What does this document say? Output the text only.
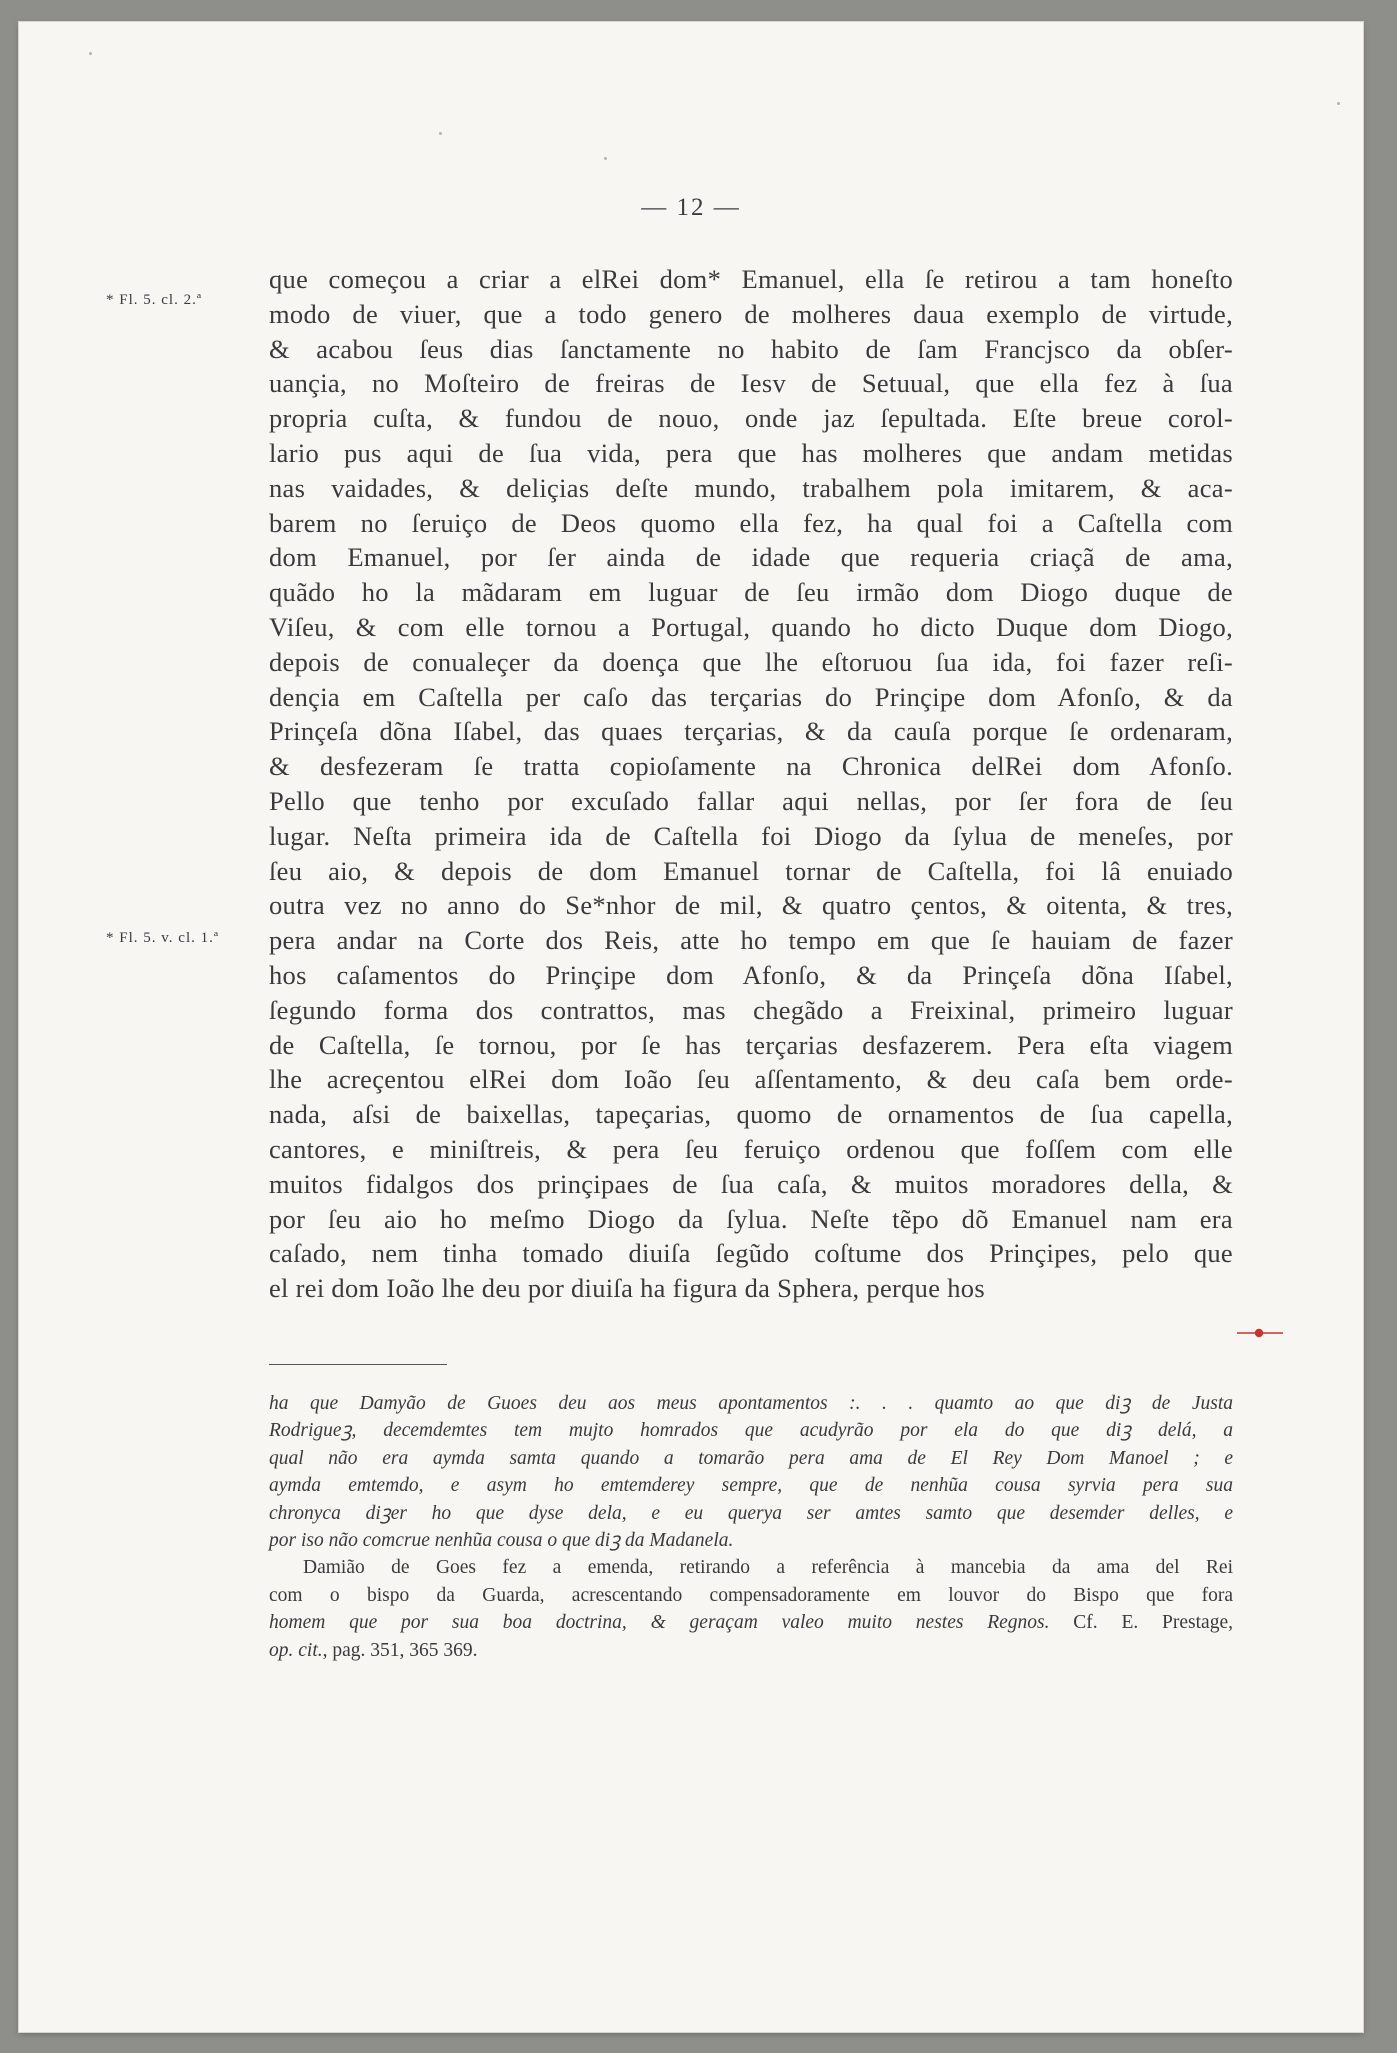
— 12 —
* Fl. 5. cl. 2.ª
* Fl. 5. v. cl. 1.ª
que começou a criar a elRei dom* Emanuel, ella ſe retirou a tam honeſto
modo de viuer, que a todo genero de molheres daua exemplo de virtude,
& acabou ſeus dias ſanctamente no habito de ſam Francjsco da obſer-
uançia, no Moſteiro de freiras de Iesv de Setuual, que ella fez à ſua
propria cuſta, & fundou de nouo, onde jaz ſepultada. Eſte breue corol-
lario pus aqui de ſua vida, pera que has molheres que andam metidas
nas vaidades, & deliçias deſte mundo, trabalhem pola imitarem, & aca-
barem no ſeruiço de Deos quomo ella fez, ha qual foi a Caſtella com
dom Emanuel, por ſer ainda de idade que requeria criaçã de ama,
quãdo ho la mãdaram em luguar de ſeu irmão dom Diogo duque de
Viſeu, & com elle tornou a Portugal, quando ho dicto Duque dom Diogo,
depois de conualeçer da doença que lhe eſtoruou ſua ida, foi fazer reſi-
dençia em Caſtella per caſo das terçarias do Prinçipe dom Afonſo, & da
Prinçeſa dõna Iſabel, das quaes terçarias, & da cauſa porque ſe ordenaram,
& desfezeram ſe tratta copioſamente na Chronica delRei dom Afonſo.
Pello que tenho por excuſado fallar aqui nellas, por ſer fora de ſeu
lugar. Neſta primeira ida de Caſtella foi Diogo da ſylua de meneſes, por
ſeu aio, & depois de dom Emanuel tornar de Caſtella, foi lâ enuiado
outra vez no anno do Se*nhor de mil, & quatro çentos, & oitenta, & tres,
pera andar na Corte dos Reis, atte ho tempo em que ſe hauiam de fazer
hos caſamentos do Prinçipe dom Afonſo, & da Prinçeſa dõna Iſabel,
ſegundo forma dos contrattos, mas chegãdo a Freixinal, primeiro luguar
de Caſtella, ſe tornou, por ſe has terçarias desfazerem. Pera eſta viagem
lhe acreçentou elRei dom Ioão ſeu aſſentamento, & deu caſa bem orde-
nada, aſsi de baixellas, tapeçarias, quomo de ornamentos de ſua capella,
cantores, e miniſtreis, & pera ſeu feruiço ordenou que foſſem com elle
muitos fidalgos dos prinçipaes de ſua caſa, & muitos moradores della, &
por ſeu aio ho meſmo Diogo da ſylua. Neſte tẽpo dõ Emanuel nam era
caſado, nem tinha tomado diuiſa ſegũdo coſtume dos Prinçipes, pelo que
el rei dom Ioão lhe deu por diuiſa ha figura da Sphera, perque hos
ha que Damyão de Guoes deu aos meus apontamentos :. . . quamto ao que diꝫ de Justa
Rodrigueꝫ, decemdemtes tem mujto homrados que acudyrão por ela do que diꝫ delá, a
qual não era aymda samta quando a tomarão pera ama de El Rey Dom Manoel ; e
aymda emtemdo, e asym ho emtemderey sempre, que de nenhũa cousa syrvia pera sua
chronyca diꝫer ho que dyse dela, e eu querya ser amtes samto que desemder delles, e
por iso não comcrue nenhũa cousa o que diꝫ da Madanela.
Damião de Goes fez a emenda, retirando a referência à mancebia da ama del Rei
com o bispo da Guarda, acrescentando compensadoramente em louvor do Bispo que fora
homem que por sua boa doctrina, & geraçam valeo muito nestes Regnos. Cf. E. Prestage,
op. cit., pag. 351, 365 369.
